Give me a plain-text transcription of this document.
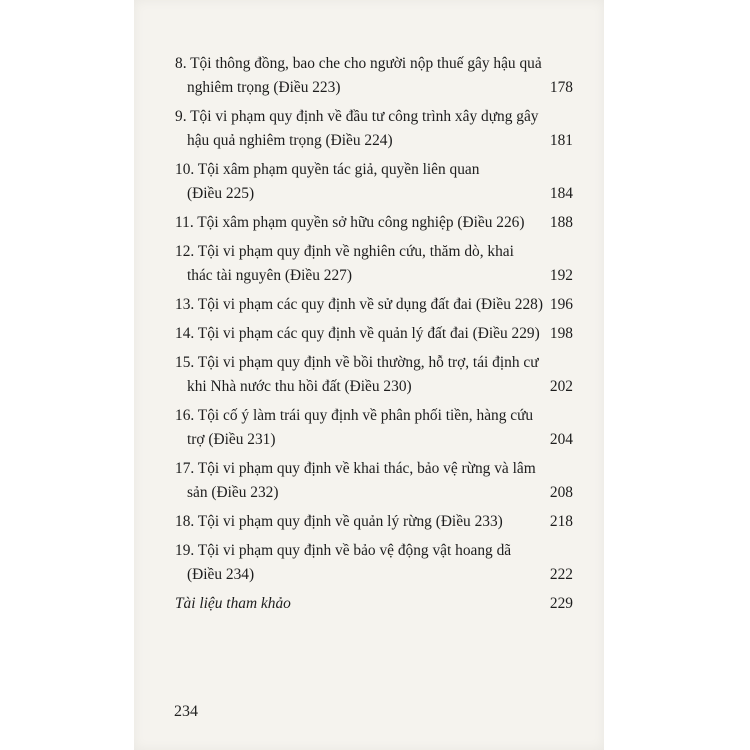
8. Tội thông đồng, bao che cho người nộp thuế gây hậu quả
nghiêm trọng (Điều 223)	178
9. Tội vi phạm quy định về đầu tư công trình xây dựng gây
hậu quả nghiêm trọng (Điều 224)	181
10. Tội xâm phạm quyền tác giả, quyền liên quan
(Điều 225)	184
11. Tội xâm phạm quyền sở hữu công nghiệp (Điều 226)	188
12. Tội vi phạm quy định về nghiên cứu, thăm dò, khai
thác tài nguyên (Điều 227)	192
13. Tội vi phạm các quy định về sử dụng đất đai (Điều 228) 196
14. Tội vi phạm các quy định về quản lý đất đai (Điều 229) 198
15. Tội vi phạm quy định về bồi thường, hỗ trợ, tái định cư
khi Nhà nước thu hồi đất (Điều 230)	202
16. Tội cố ý làm trái quy định về phân phối tiền, hàng cứu
trợ (Điều 231)	204
17. Tội vi phạm quy định về khai thác, bảo vệ rừng và lâm
sản (Điều 232)	208
18. Tội vi phạm quy định về quản lý rừng (Điều 233)	218
19. Tội vi phạm quy định về bảo vệ động vật hoang dã
(Điều 234)	222
Tài liệu tham khảo	229
234
